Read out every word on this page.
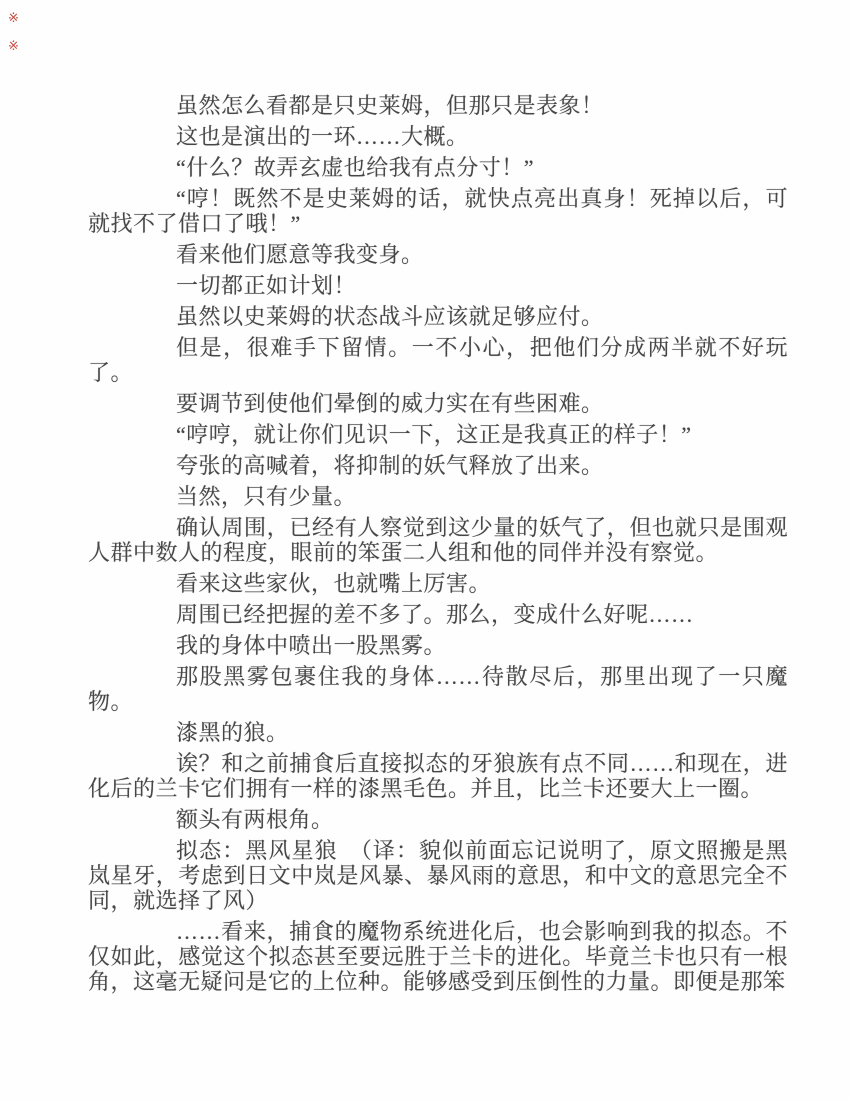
※
※

虽然怎么看都是只史莱姆，但那只是表象！

这也是演出的一环……大概。

“什么？故弄玄虚也给我有点分寸！”

“哼！既然不是史莱姆的话，就快点亮出真身！死掉以后，可就找不了借口了哦！”

看来他们愿意等我变身。

一切都正如计划！

虽然以史莱姆的状态战斗应该就足够应付。

但是，很难手下留情。一不小心，把他们分成两半就不好玩了。

要调节到使他们晕倒的威力实在有些困难。

“哼哼，就让你们见识一下，这正是我真正的样子！”

夸张的高喊着，将抑制的妖气释放了出来。

当然，只有少量。

确认周围，已经有人察觉到这少量的妖气了，但也就只是围观人群中数人的程度，眼前的笨蛋二人组和他的同伴并没有察觉。

看来这些家伙，也就嘴上厉害。

周围已经把握的差不多了。那么，变成什么好呢……

我的身体中喷出一股黑雾。

那股黑雾包裹住我的身体……待散尽后，那里出现了一只魔物。

漆黑的狼。

诶？和之前捕食后直接拟态的牙狼族有点不同……和现在，进化后的兰卡它们拥有一样的漆黑毛色。并且，比兰卡还要大上一圈。

额头有两根角。

拟态：黑风星狼　（译：貌似前面忘记说明了，原文照搬是黑岚星牙，考虑到日文中岚是风暴、暴风雨的意思，和中文的意思完全不同，就选择了风）

……看来，捕食的魔物系统进化后，也会影响到我的拟态。不仅如此，感觉这个拟态甚至要远胜于兰卡的进化。毕竟兰卡也只有一根角，这毫无疑问是它的上位种。能够感受到压倒性的力量。即便是那笨
